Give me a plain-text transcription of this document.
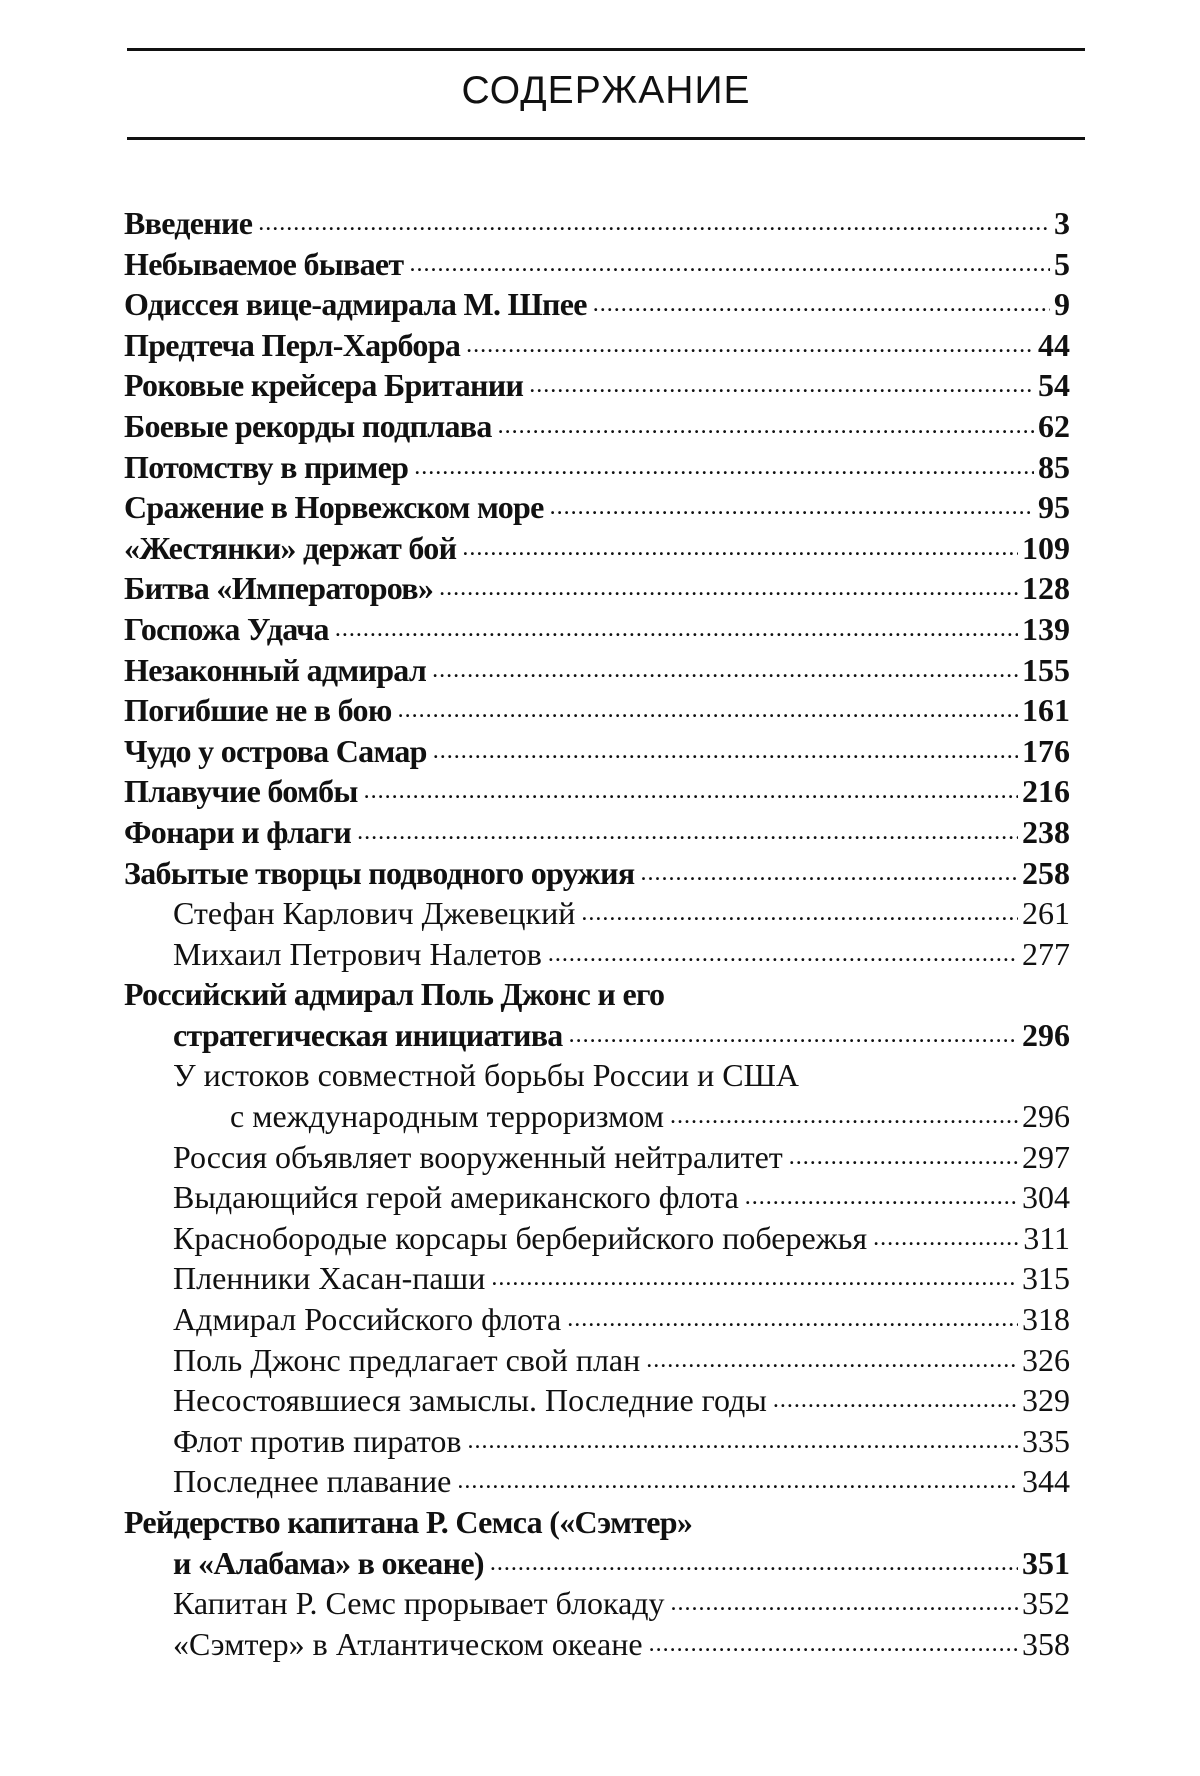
СОДЕРЖАНИЕ
Введение .....	3
Небываемое бывает .....	5
Одиссея вице-адмирала М. Шпее .....	9
Предтеча Перл-Харбора .....	44
Роковые крейсера Британии .....	54
Боевые рекорды подплава .....	62
Потомству в пример .....	85
Сражение в Норвежском море .....	95
«Жестянки» держат бой .....	109
Битва «Императоров» .....	128
Госпожа Удача .....	139
Незаконный адмирал .....	155
Погибшие не в бою .....	161
Чудо у острова Самар .....	176
Плавучие бомбы .....	216
Фонари и флаги .....	238
Забытые творцы подводного оружия .....	258
Стефан Карлович Джевецкий .....	261
Михаил Петрович Налетов .....	277
Российский адмирал Поль Джонс и его
стратегическая инициатива .....	296
У истоков совместной борьбы России и США
с международным терроризмом .....	296
Россия объявляет вооруженный нейтралитет .....	297
Выдающийся герой американского флота .....	304
Краснобородые корсары берберийского побережья .....	311
Пленники Хасан-паши .....	315
Адмирал Российского флота .....	318
Поль Джонс предлагает свой план .....	326
Несостоявшиеся замыслы. Последние годы .....	329
Флот против пиратов .....	335
Последнее плавание .....	344
Рейдерство капитана Р. Семса («Сэмтер»
и «Алабама» в океане) .....	351
Капитан Р. Семс прорывает блокаду .....	352
«Сэмтер» в Атлантическом океане .....	358
